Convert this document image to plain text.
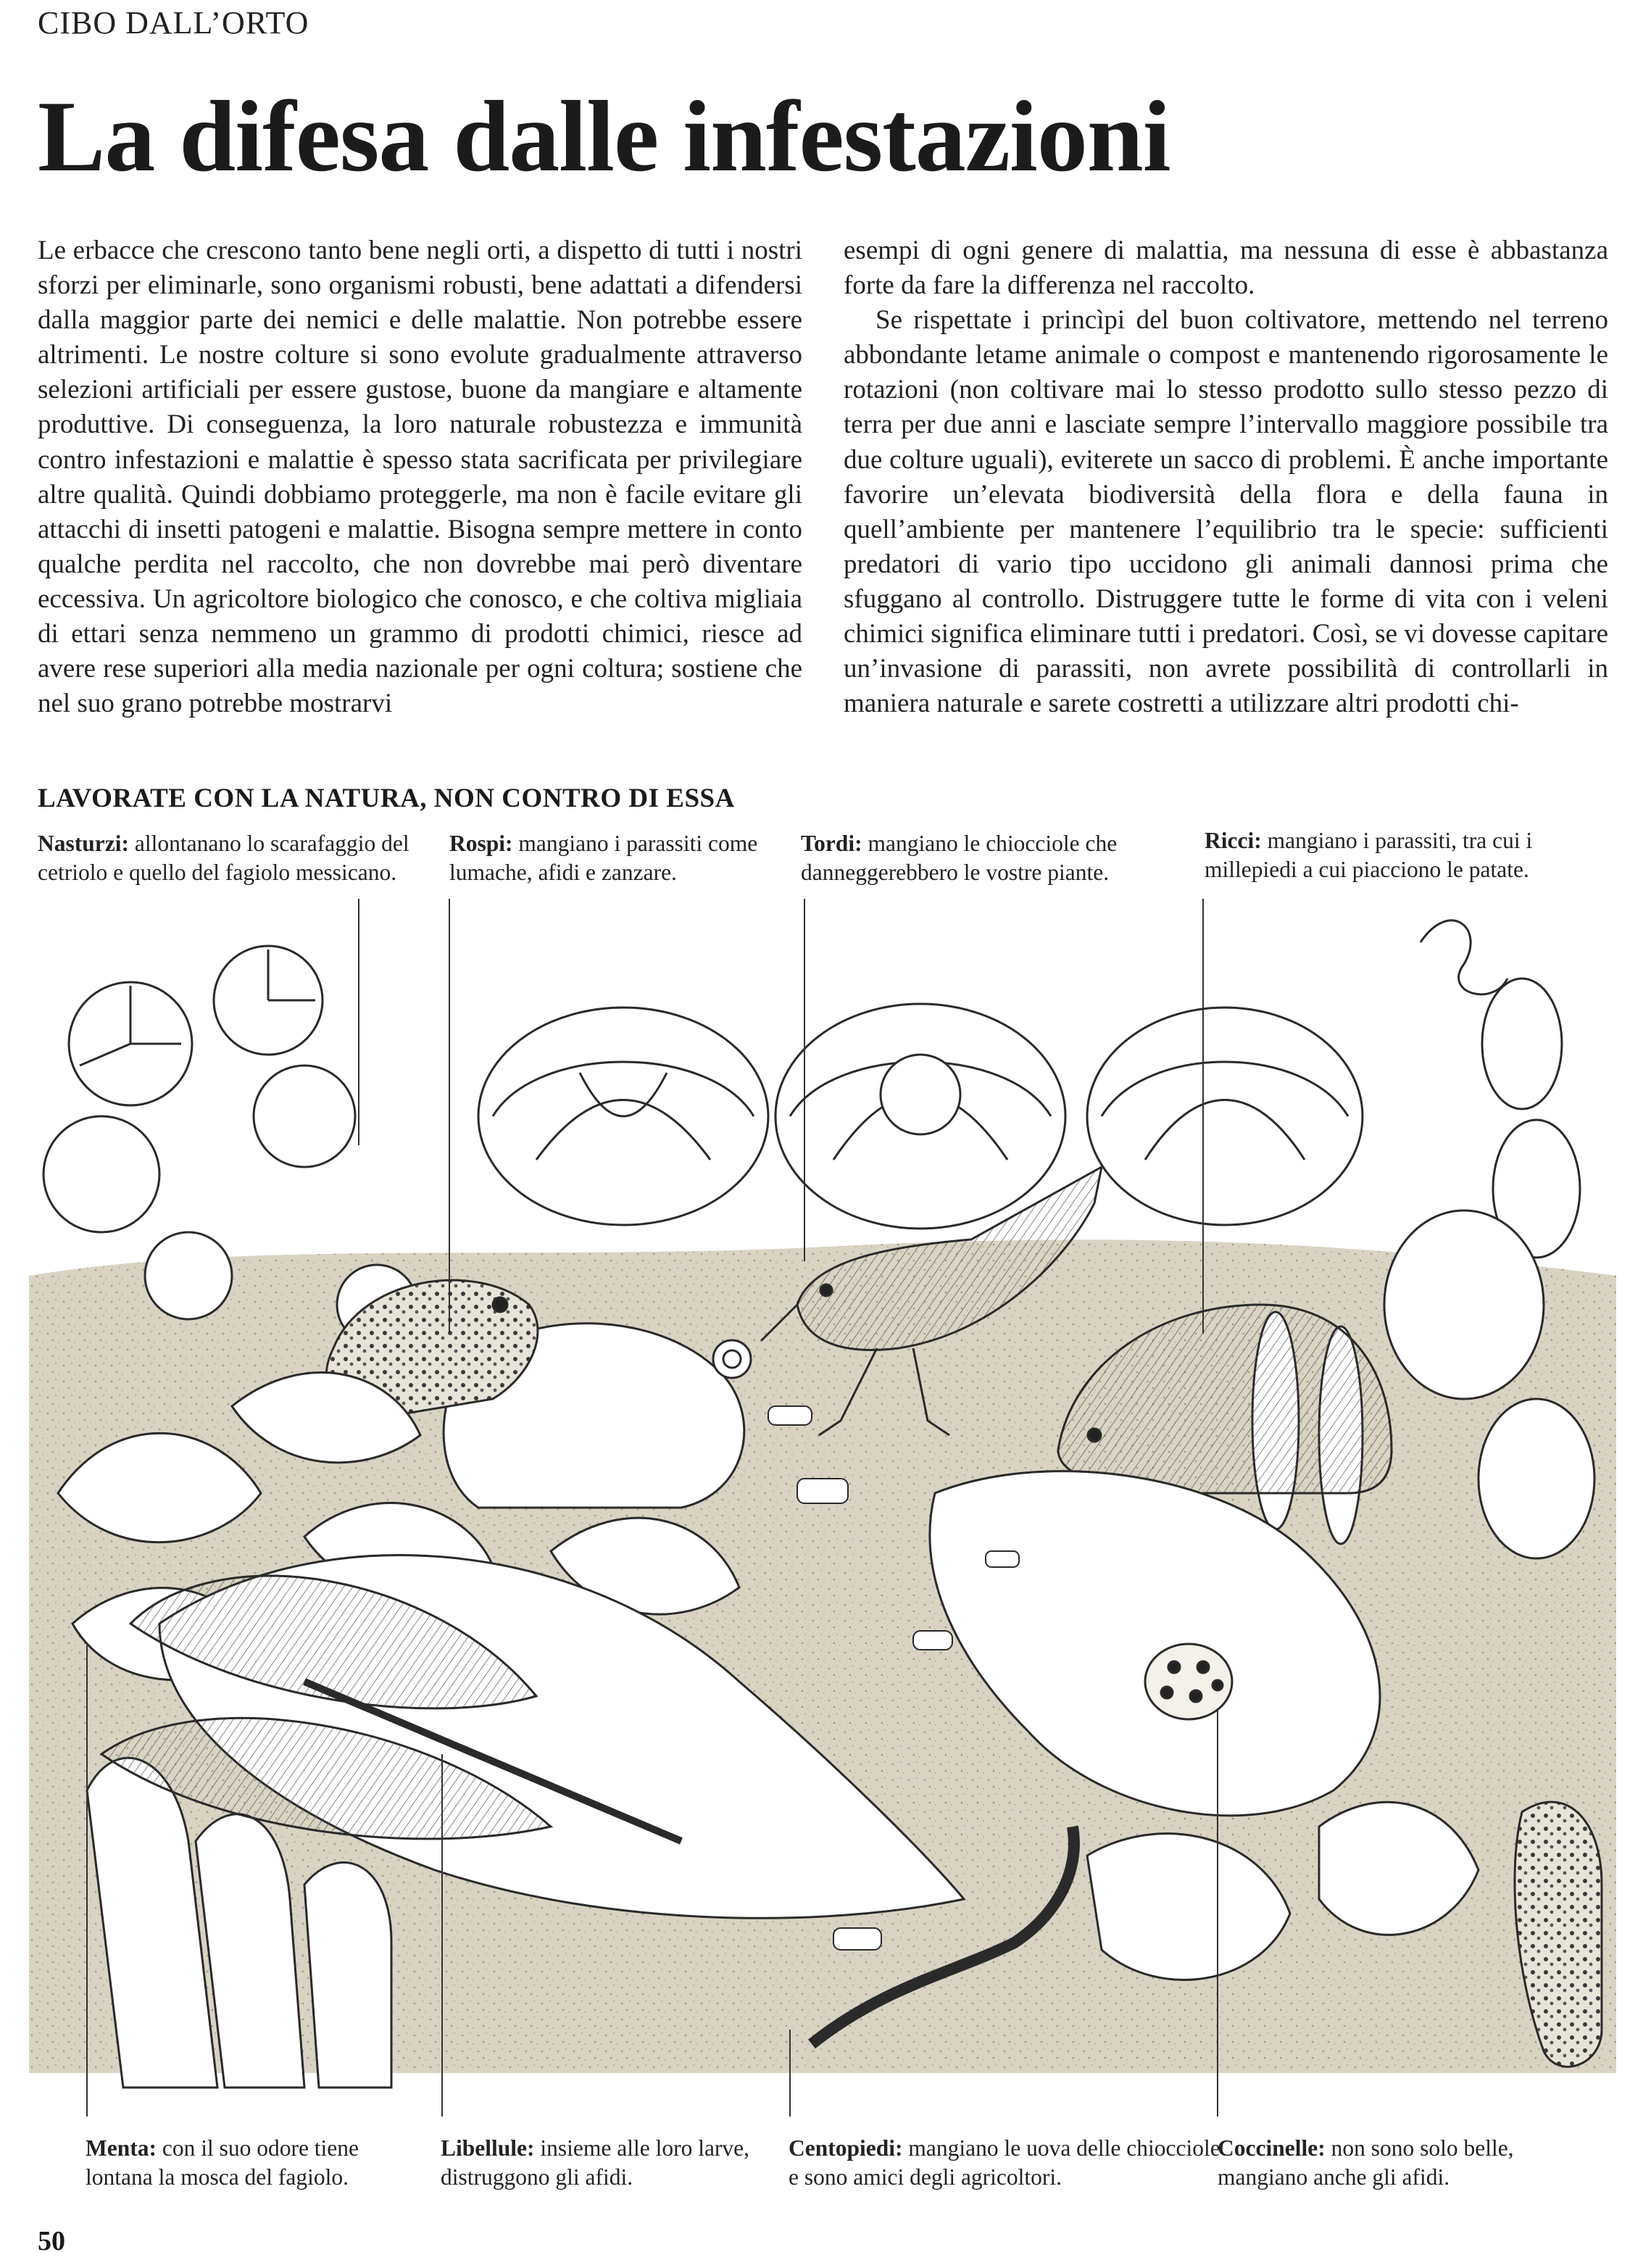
CIBO DALL’ORTO
La difesa dalle infestazioni

Le erbacce che crescono tanto bene negli orti, a dispetto di tutti i nostri sforzi per eliminarle, sono organismi robusti, bene adattati a difendersi dalla maggior parte dei nemici e delle malattie. Non potrebbe essere altrimenti. Le nostre colture si sono evolute gradualmente attraverso selezioni artificiali per essere gustose, buone da mangiare e altamente produttive. Di conseguenza, la loro naturale robustezza e immunità contro infestazioni e malattie è spesso stata sacrificata per privilegiare altre qualità. Quindi dobbiamo proteggerle, ma non è facile evitare gli attacchi di insetti patogeni e malattie. Bisogna sempre mettere in conto qualche perdita nel raccolto, che non dovrebbe mai però diventare eccessiva. Un agricoltore biologico che conosco, e che coltiva migliaia di ettari senza nemmeno un grammo di prodotti chimici, riesce ad avere rese superiori alla media nazionale per ogni coltura; sostiene che nel suo grano potrebbe mostrarvi

esempi di ogni genere di malattia, ma nessuna di esse è abbastanza forte da fare la differenza nel raccolto.

Se rispettate i princìpi del buon coltivatore, mettendo nel terreno abbondante letame animale o compost e mantenendo rigorosamente le rotazioni (non coltivare mai lo stesso prodotto sullo stesso pezzo di terra per due anni e lasciate sempre l’intervallo maggiore possibile tra due colture uguali), eviterete un sacco di problemi. È anche importante favorire un’elevata biodiversità della flora e della fauna in quell’ambiente per mantenere l’equilibrio tra le specie: sufficienti predatori di vario tipo uccidono gli animali dannosi prima che sfuggano al controllo. Distruggere tutte le forme di vita con i veleni chimici significa eliminare tutti i predatori. Così, se vi dovesse capitare un’invasione di parassiti, non avrete possibilità di controllarli in maniera naturale e sarete costretti a utilizzare altri prodotti chi-

LAVORATE CON LA NATURA, NON CONTRO DI ESSA
Nasturzi: allontanano lo scarafaggio del cetriolo e quello del fagiolo messicano.
Rospi: mangiano i parassiti come lumache, afidi e zanzare.
Tordi: mangiano le chiocciole che danneggerebbero le vostre piante.
Ricci: mangiano i parassiti, tra cui i millepiedi a cui piacciono le patate.
Menta: con il suo odore tiene lontana la mosca del fagiolo.
Libellule: insieme alle loro larve, distruggono gli afidi.
Centopiedi: mangiano le uova delle chiocciole e sono amici degli agricoltori.
Coccinelle: non sono solo belle, mangiano anche gli afidi.
50
